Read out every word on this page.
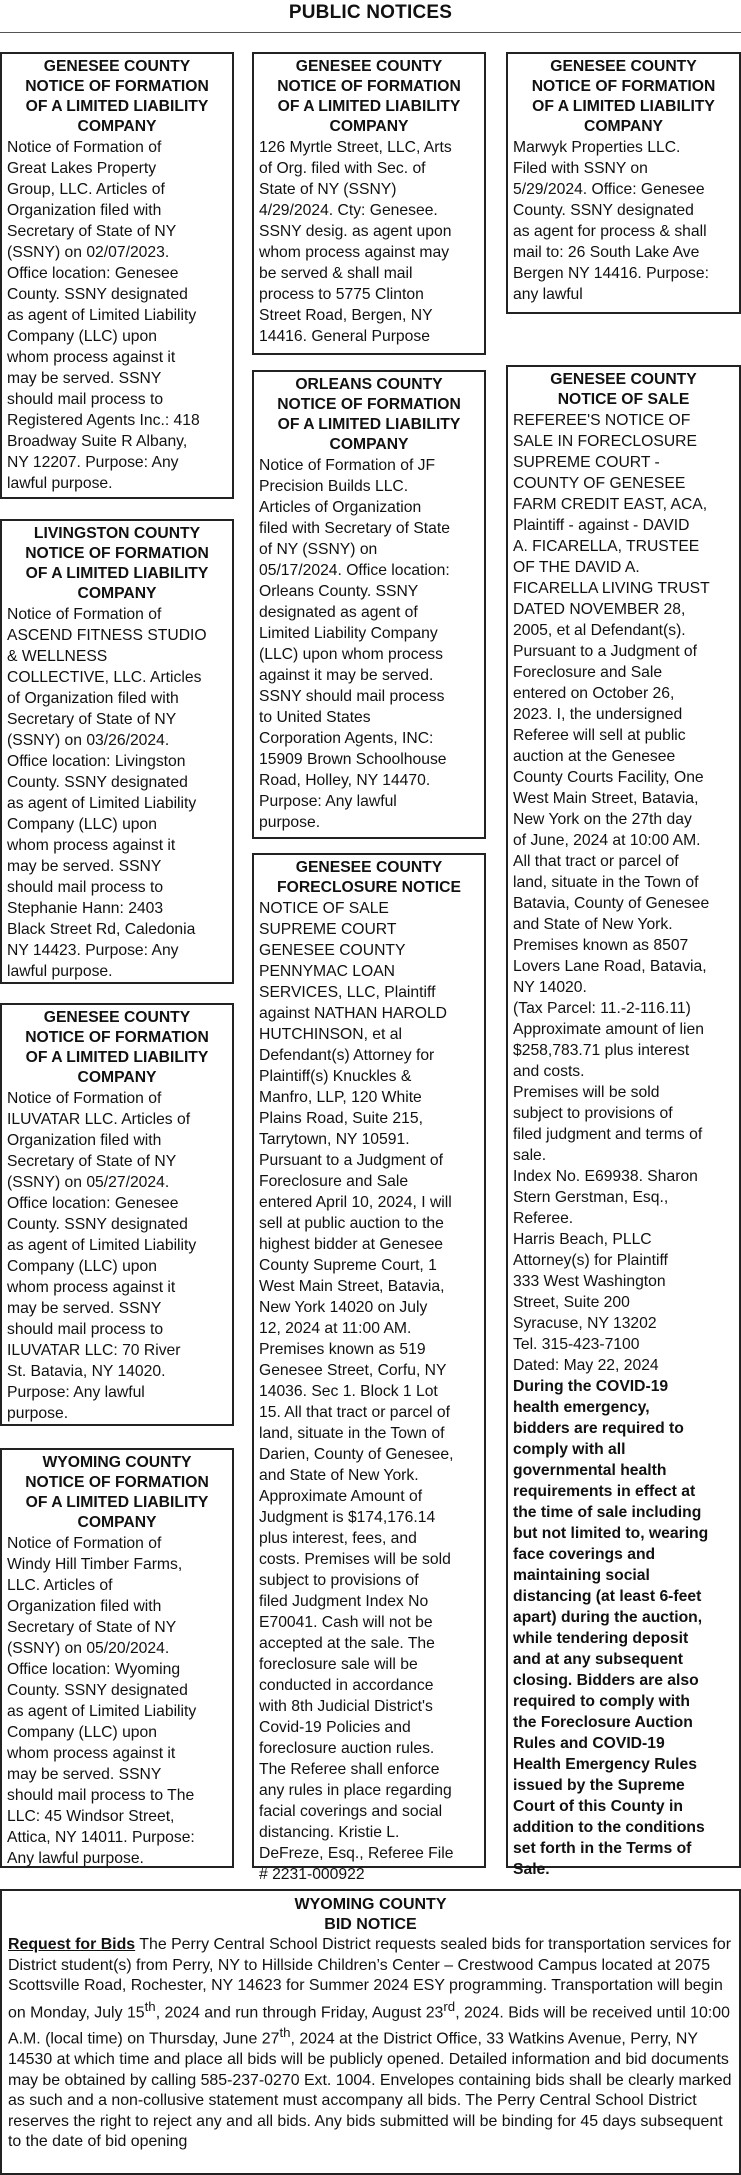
PUBLIC NOTICES
GENESEE COUNTY
NOTICE OF FORMATION
OF A LIMITED LIABILITY
COMPANY

Notice of Formation of
Great Lakes Property
Group, LLC. Articles of
Organization filed with
Secretary of State of NY
(SSNY) on 02/07/2023.
Office location: Genesee
County. SSNY designated
as agent of Limited Liability
Company (LLC) upon
whom process against it
may be served. SSNY
should mail process to
Registered Agents Inc.: 418
Broadway Suite R Albany,
NY 12207. Purpose: Any
lawful purpose.

LIVINGSTON COUNTY
NOTICE OF FORMATION
OF A LIMITED LIABILITY
COMPANY

Notice of Formation of
ASCEND FITNESS STUDIO
& WELLNESS
COLLECTIVE, LLC. Articles
of Organization filed with
Secretary of State of NY
(SSNY) on 03/26/2024.
Office location: Livingston
County. SSNY designated
as agent of Limited Liability
Company (LLC) upon
whom process against it
may be served. SSNY
should mail process to
Stephanie Hann: 2403
Black Street Rd, Caledonia
NY 14423. Purpose: Any
lawful purpose.

GENESEE COUNTY
NOTICE OF FORMATION
OF A LIMITED LIABILITY
COMPANY

Notice of Formation of
ILUVATAR LLC. Articles of
Organization filed with
Secretary of State of NY
(SSNY) on 05/27/2024.
Office location: Genesee
County. SSNY designated
as agent of Limited Liability
Company (LLC) upon
whom process against it
may be served. SSNY
should mail process to
ILUVATAR LLC: 70 River
St. Batavia, NY 14020.
Purpose: Any lawful
purpose.

WYOMING COUNTY
NOTICE OF FORMATION
OF A LIMITED LIABILITY
COMPANY

Notice of Formation of
Windy Hill Timber Farms,
LLC. Articles of
Organization filed with
Secretary of State of NY
(SSNY) on 05/20/2024.
Office location: Wyoming
County. SSNY designated
as agent of Limited Liability
Company (LLC) upon
whom process against it
may be served. SSNY
should mail process to The
LLC: 45 Windsor Street,
Attica, NY 14011. Purpose:
Any lawful purpose.

GENESEE COUNTY
NOTICE OF FORMATION
OF A LIMITED LIABILITY
COMPANY

126 Myrtle Street, LLC, Arts
of Org. filed with Sec. of
State of NY (SSNY)
4/29/2024. Cty: Genesee.
SSNY desig. as agent upon
whom process against may
be served & shall mail
process to 5775 Clinton
Street Road, Bergen, NY
14416. General Purpose

ORLEANS COUNTY
NOTICE OF FORMATION
OF A LIMITED LIABILITY
COMPANY

Notice of Formation of JF
Precision Builds LLC.
Articles of Organization
filed with Secretary of State
of NY (SSNY) on
05/17/2024. Office location:
Orleans County. SSNY
designated as agent of
Limited Liability Company
(LLC) upon whom process
against it may be served.
SSNY should mail process
to United States
Corporation Agents, INC:
15909 Brown Schoolhouse
Road, Holley, NY 14470.
Purpose: Any lawful
purpose.

GENESEE COUNTY
FORECLOSURE NOTICE

NOTICE OF SALE
SUPREME COURT
GENESEE COUNTY
PENNYMAC LOAN
SERVICES, LLC, Plaintiff
against NATHAN HAROLD
HUTCHINSON, et al
Defendant(s) Attorney for
Plaintiff(s) Knuckles &
Manfro, LLP, 120 White
Plains Road, Suite 215,
Tarrytown, NY 10591.
Pursuant to a Judgment of
Foreclosure and Sale
entered April 10, 2024, I will
sell at public auction to the
highest bidder at Genesee
County Supreme Court, 1
West Main Street, Batavia,
New York 14020 on July
12, 2024 at 11:00 AM.
Premises known as 519
Genesee Street, Corfu, NY
14036. Sec 1. Block 1 Lot
15. All that tract or parcel of
land, situate in the Town of
Darien, County of Genesee,
and State of New York.
Approximate Amount of
Judgment is $174,176.14
plus interest, fees, and
costs. Premises will be sold
subject to provisions of
filed Judgment Index No
E70041. Cash will not be
accepted at the sale. The
foreclosure sale will be
conducted in accordance
with 8th Judicial District's
Covid-19 Policies and
foreclosure auction rules.
The Referee shall enforce
any rules in place regarding
facial coverings and social
distancing. Kristie L.
DeFreze, Esq., Referee File
# 2231-000922

GENESEE COUNTY
NOTICE OF FORMATION
OF A LIMITED LIABILITY
COMPANY

Marwyk Properties LLC.
Filed with SSNY on
5/29/2024. Office: Genesee
County. SSNY designated
as agent for process & shall
mail to: 26 South Lake Ave
Bergen NY 14416. Purpose:
any lawful

GENESEE COUNTY
NOTICE OF SALE

REFEREE'S NOTICE OF
SALE IN FORECLOSURE
SUPREME COURT -
COUNTY OF GENESEE
FARM CREDIT EAST, ACA,
Plaintiff - against - DAVID
A. FICARELLA, TRUSTEE
OF THE DAVID A.
FICARELLA LIVING TRUST
DATED NOVEMBER 28,
2005, et al Defendant(s).
Pursuant to a Judgment of
Foreclosure and Sale
entered on October 26,
2023. I, the undersigned
Referee will sell at public
auction at the Genesee
County Courts Facility, One
West Main Street, Batavia,
New York on the 27th day
of June, 2024 at 10:00 AM.
All that tract or parcel of
land, situate in the Town of
Batavia, County of Genesee
and State of New York.
Premises known as 8507
Lovers Lane Road, Batavia,
NY 14020.
(Tax Parcel: 11.-2-116.11)
Approximate amount of lien
$258,783.71 plus interest
and costs.
Premises will be sold
subject to provisions of
filed judgment and terms of
sale.
Index No. E69938. Sharon
Stern Gerstman, Esq.,
Referee.
Harris Beach, PLLC
Attorney(s) for Plaintiff
333 West Washington
Street, Suite 200
Syracuse, NY 13202
Tel. 315-423-7100
Dated: May 22, 2024

During the COVID-19
health emergency,
bidders are required to
comply with all
governmental health
requirements in effect at
the time of sale including
but not limited to, wearing
face coverings and
maintaining social
distancing (at least 6-feet
apart) during the auction,
while tendering deposit
and at any subsequent
closing. Bidders are also
required to comply with
the Foreclosure Auction
Rules and COVID-19
Health Emergency Rules
issued by the Supreme
Court of this County in
addition to the conditions
set forth in the Terms of
Sale.

WYOMING COUNTY
BID NOTICE

Request for Bids The Perry Central School District requests sealed bids for transportation services for District student(s) from Perry, NY to Hillside Children’s Center – Crestwood Campus located at 2075 Scottsville Road, Rochester, NY 14623 for Summer 2024 ESY programming. Transportation will begin on Monday, July 15th, 2024 and run through Friday, August 23rd, 2024. Bids will be received until 10:00 A.M. (local time) on Thursday, June 27th, 2024 at the District Office, 33 Watkins Avenue, Perry, NY 14530 at which time and place all bids will be publicly opened. Detailed information and bid documents may be obtained by calling 585-237-0270 Ext. 1004. Envelopes containing bids shall be clearly marked as such and a non-collusive statement must accompany all bids. The Perry Central School District reserves the right to reject any and all bids. Any bids submitted will be binding for 45 days subsequent to the date of bid opening
